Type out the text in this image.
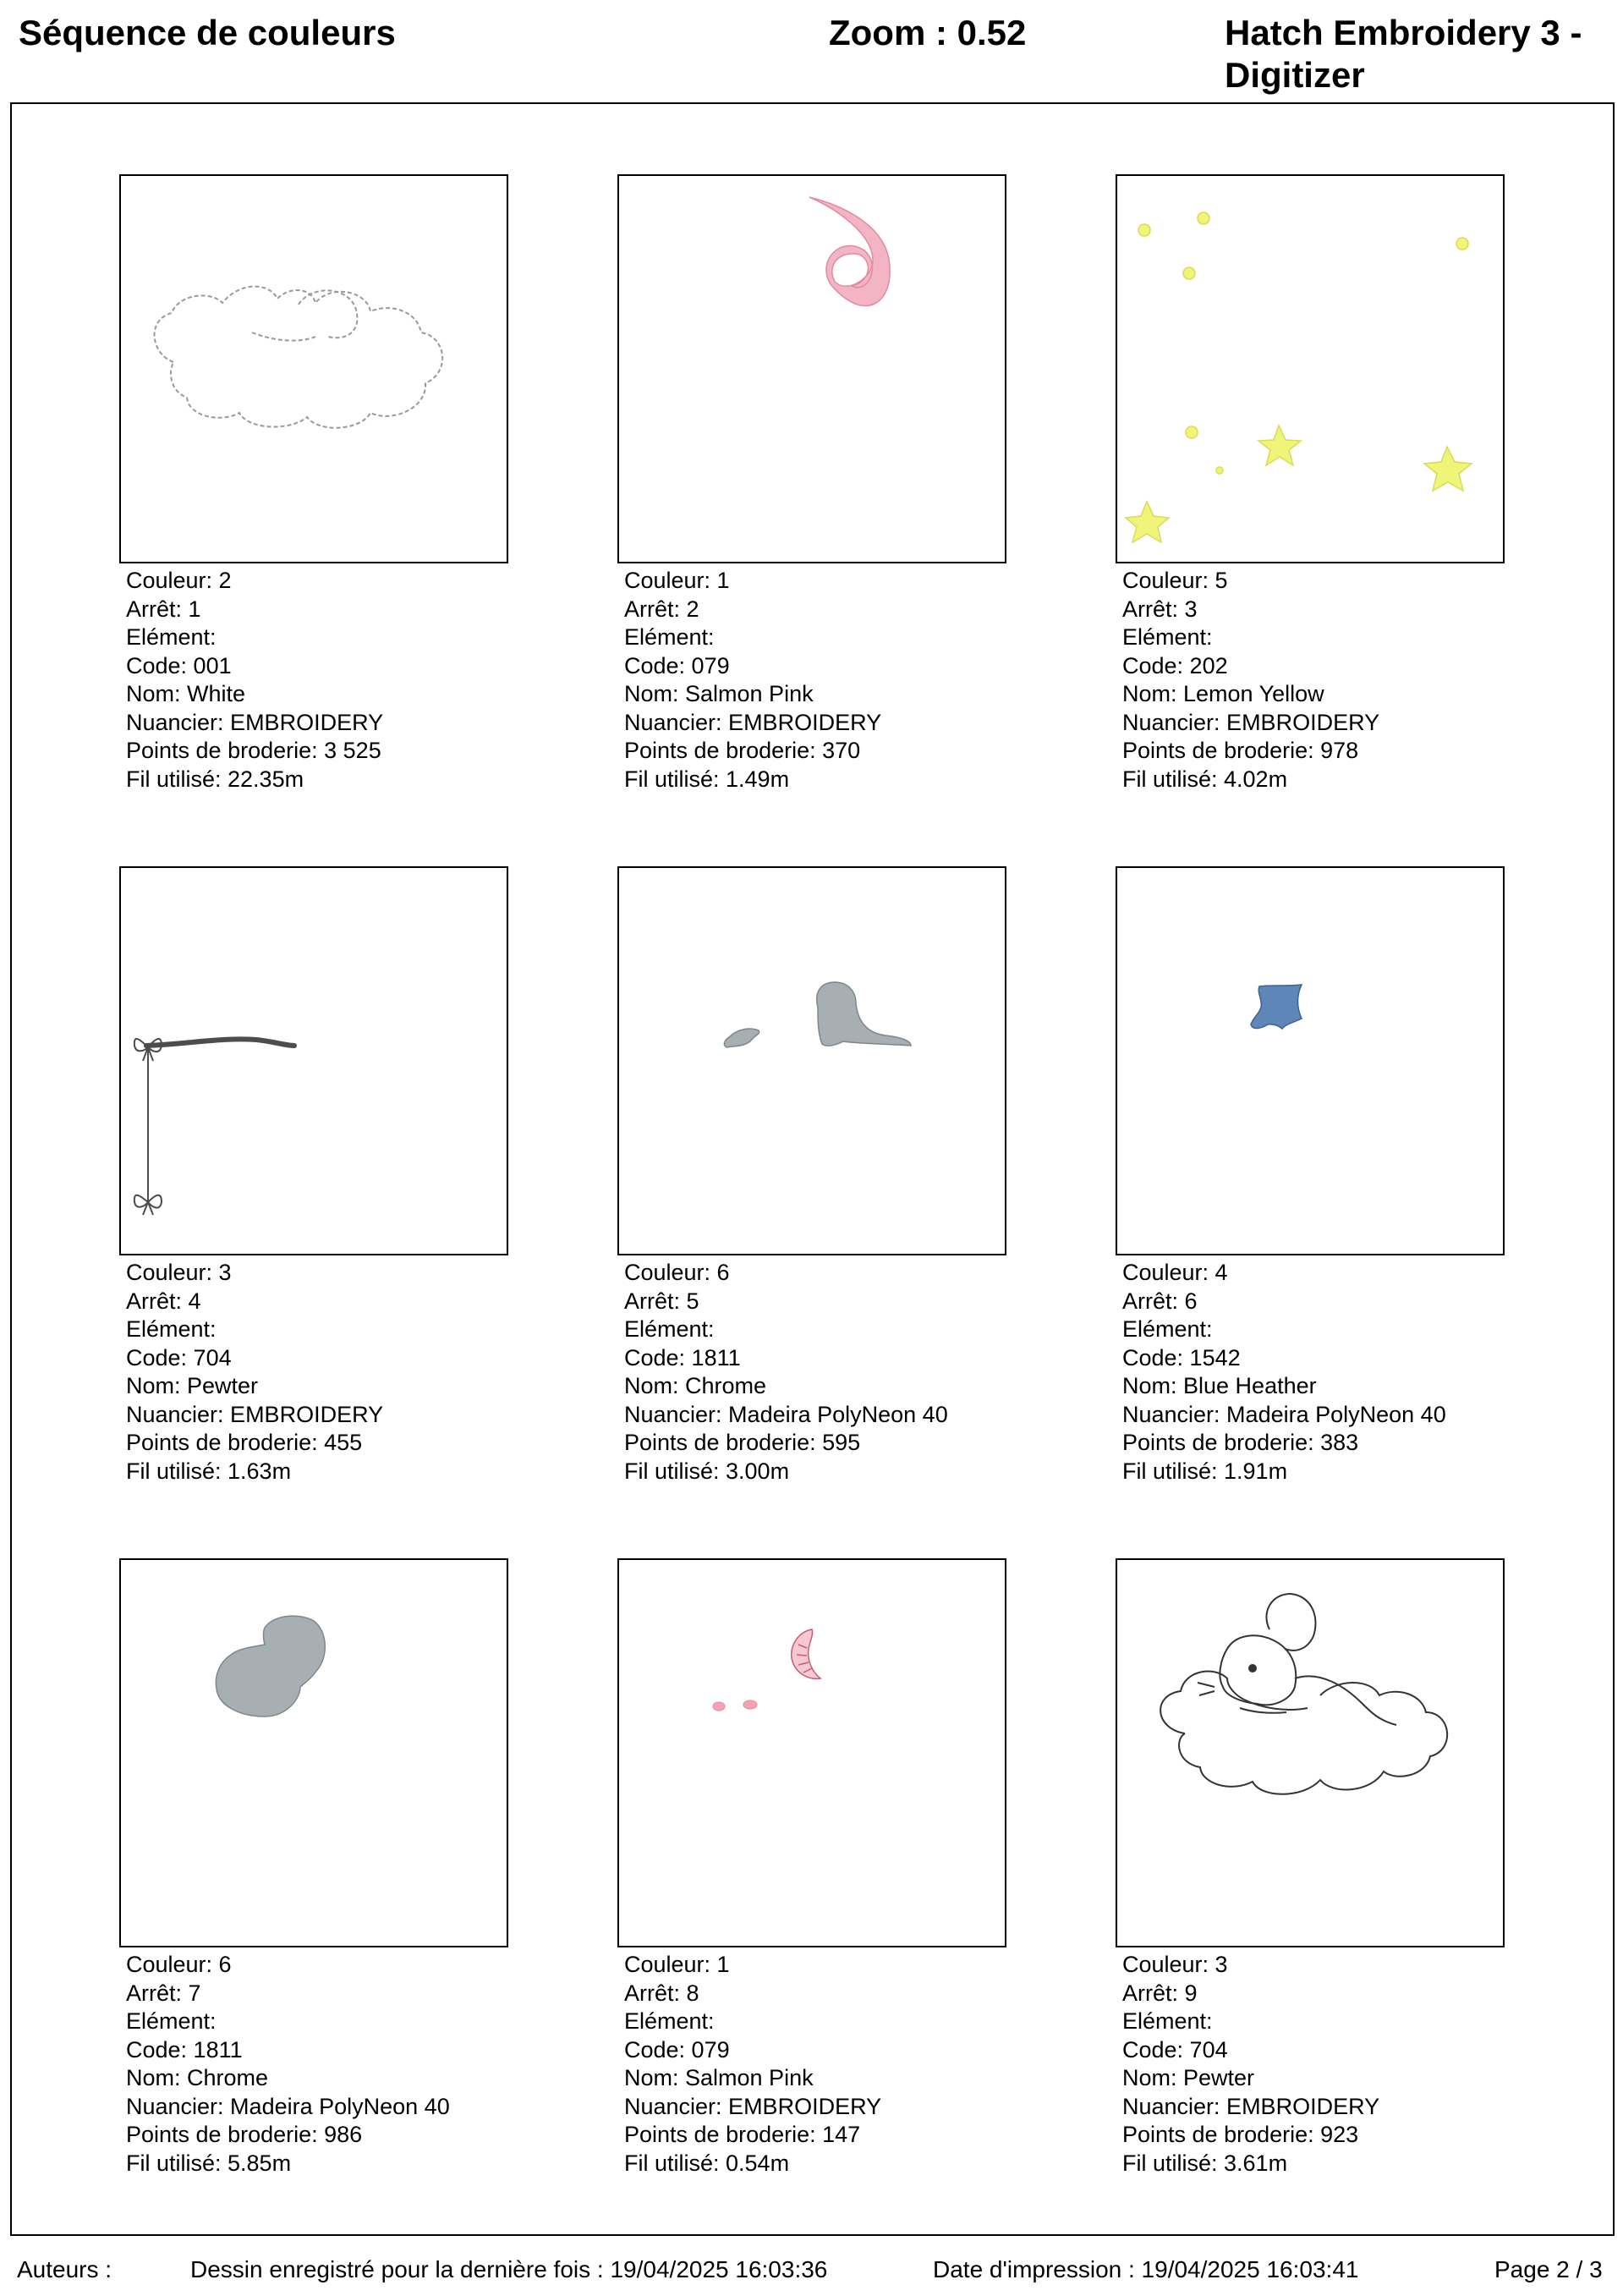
Séquence de couleurs	Zoom : 0.52	Hatch Embroidery 3 - Digitizer
Couleur: 2
Arrêt: 1
Elément:
Code: 001
Nom: White
Nuancier: EMBROIDERY
Points de broderie: 3 525
Fil utilisé: 22.35m
Couleur: 1
Arrêt: 2
Elément:
Code: 079
Nom: Salmon Pink
Nuancier: EMBROIDERY
Points de broderie: 370
Fil utilisé: 1.49m
Couleur: 5
Arrêt: 3
Elément:
Code: 202
Nom: Lemon Yellow
Nuancier: EMBROIDERY
Points de broderie: 978
Fil utilisé: 4.02m
Couleur: 3
Arrêt: 4
Elément:
Code: 704
Nom: Pewter
Nuancier: EMBROIDERY
Points de broderie: 455
Fil utilisé: 1.63m
Couleur: 6
Arrêt: 5
Elément:
Code: 1811
Nom: Chrome
Nuancier: Madeira PolyNeon 40
Points de broderie: 595
Fil utilisé: 3.00m
Couleur: 4
Arrêt: 6
Elément:
Code: 1542
Nom: Blue Heather
Nuancier: Madeira PolyNeon 40
Points de broderie: 383
Fil utilisé: 1.91m
Couleur: 6
Arrêt: 7
Elément:
Code: 1811
Nom: Chrome
Nuancier: Madeira PolyNeon 40
Points de broderie: 986
Fil utilisé: 5.85m
Couleur: 1
Arrêt: 8
Elément:
Code: 079
Nom: Salmon Pink
Nuancier: EMBROIDERY
Points de broderie: 147
Fil utilisé: 0.54m
Couleur: 3
Arrêt: 9
Elément:
Code: 704
Nom: Pewter
Nuancier: EMBROIDERY
Points de broderie: 923
Fil utilisé: 3.61m
Auteurs :	Dessin enregistré pour la dernière fois : 19/04/2025 16:03:36	Date d'impression : 19/04/2025 16:03:41	Page 2 / 3
